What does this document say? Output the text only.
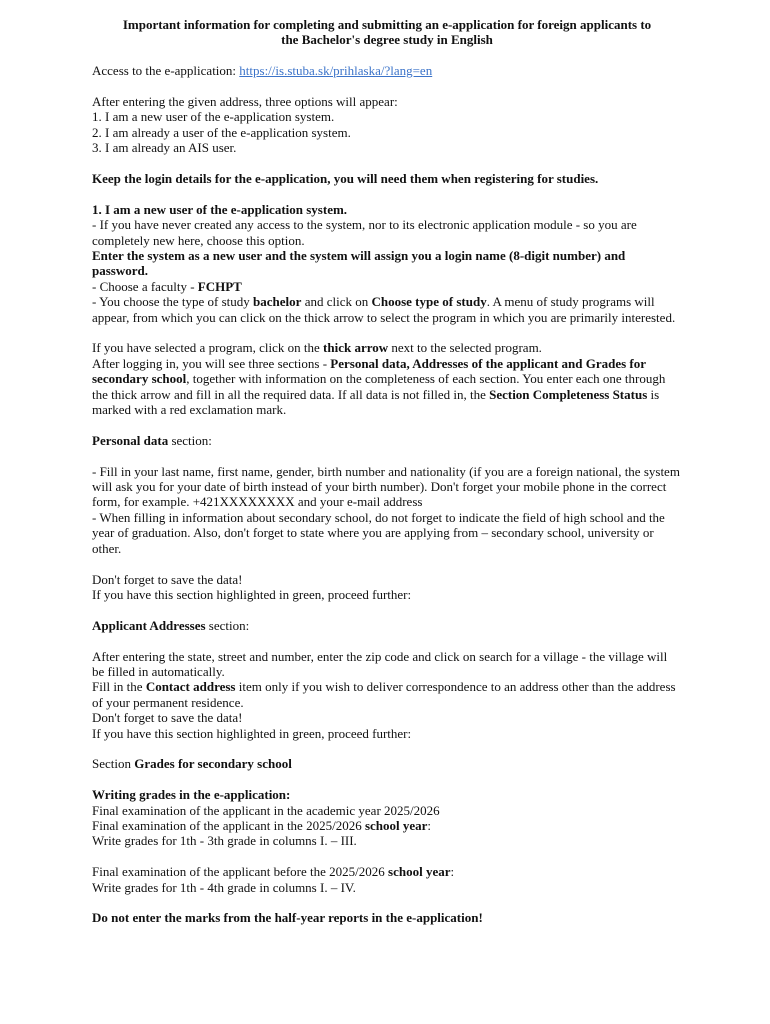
Important information for completing and submitting an e-application for foreign applicants to
the Bachelor's degree study in English

Access to the e-application: https://is.stuba.sk/prihlaska/?lang=en

After entering the given address, three options will appear:

1. I am a new user of the e-application system.

2. I am already a user of the e-application system.

3. I am already an AIS user.

Keep the login details for the e-application, you will need them when registering for studies.

1. I am a new user of the e-application system.

- If you have never created any access to the system, nor to its electronic application module - so you are completely new here, choose this option.

Enter the system as a new user and the system will assign you a login name (8-digit number) and password.

- Choose a faculty - FCHPT

- You choose the type of study bachelor and click on Choose type of study. A menu of study programs will appear, from which you can click on the thick arrow to select the program in which you are primarily interested.

If you have selected a program, click on the thick arrow next to the selected program.

After logging in, you will see three sections - Personal data, Addresses of the applicant and Grades for secondary school, together with information on the completeness of each section. You enter each one through the thick arrow and fill in all the required data. If all data is not filled in, the Section Completeness Status is marked with a red exclamation mark.

Personal data section:

- Fill in your last name, first name, gender, birth number and nationality (if you are a foreign national, the system will ask you for your date of birth instead of your birth number). Don't forget your mobile phone in the correct form, for example. +421XXXXXXXX and your e-mail address

- When filling in information about secondary school, do not forget to indicate the field of high school and the year of graduation. Also, don't forget to state where you are applying from – secondary school, university or other.

Don't forget to save the data!

If you have this section highlighted in green, proceed further:

Applicant Addresses section:

After entering the state, street and number, enter the zip code and click on search for a village - the village will be filled in automatically.

Fill in the Contact address item only if you wish to deliver correspondence to an address other than the address of your permanent residence.

Don't forget to save the data!

If you have this section highlighted in green, proceed further:

Section Grades for secondary school

Writing grades in the e-application:

Final examination of the applicant in the academic year 2025/2026

Final examination of the applicant in the 2025/2026 school year:

Write grades for 1th - 3th grade in columns I. – III.

Final examination of the applicant before the 2025/2026 school year:

Write grades for 1th - 4th grade in columns I. – IV.

Do not enter the marks from the half-year reports in the e-application!
